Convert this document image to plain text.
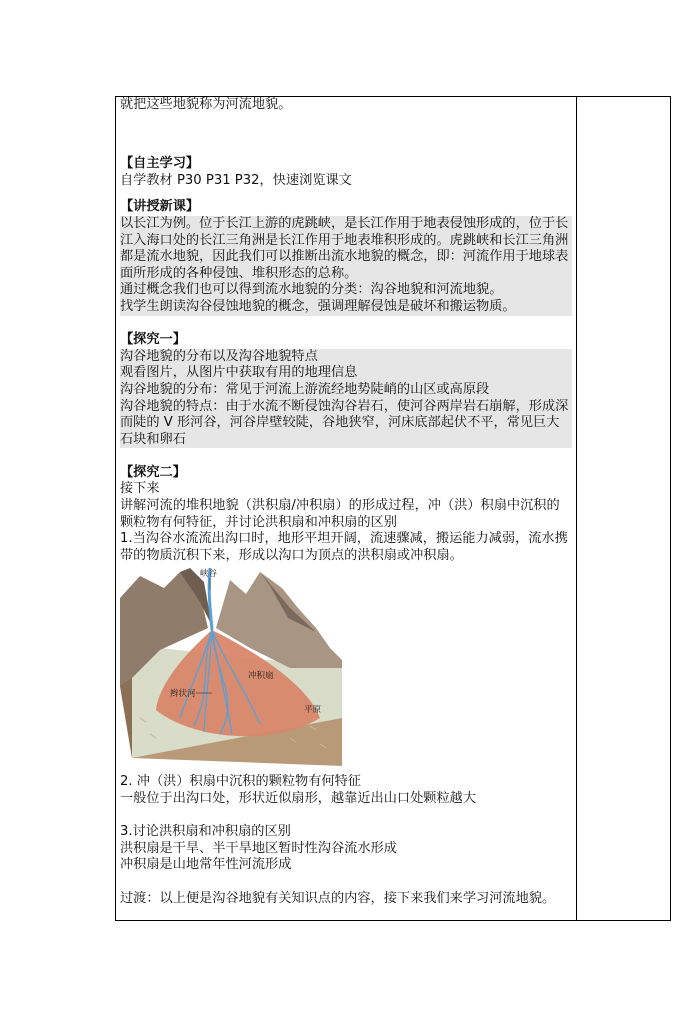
就把这些地貌称为河流地貌。

【自主学习】

自学教材 P30 P31 P32，快速浏览课文

【讲授新课】

以长江为例。位于长江上游的虎跳峡，是长江作用于地表侵蚀形成的，位于长江入海口处的长江三角洲是长江作用于地表堆积形成的。虎跳峡和长江三角洲都是流水地貌，因此我们可以推断出流水地貌的概念，即：河流作用于地球表面所形成的各种侵蚀、堆积形态的总称。

通过概念我们也可以得到流水地貌的分类：沟谷地貌和河流地貌。

找学生朗读沟谷侵蚀地貌的概念，强调理解侵蚀是破坏和搬运物质。

【探究一】

沟谷地貌的分布以及沟谷地貌特点

观看图片，从图片中获取有用的地理信息

沟谷地貌的分布：常见于河流上游流经地势陡峭的山区或高原段

沟谷地貌的特点：由于水流不断侵蚀沟谷岩石，使河谷两岸岩石崩解，形成深而陡的 V 形河谷，河谷岸壁较陡，谷地狭窄，河床底部起伏不平，常见巨大石块和卵石

【探究二】

接下来

讲解河流的堆积地貌（洪积扇/冲积扇）的形成过程，冲（洪）积扇中沉积的颗粒物有何特征，并讨论洪积扇和冲积扇的区别

1.当沟谷水流流出沟口时，地形平坦开阔，流速骤减，搬运能力减弱，流水携带的物质沉积下来，形成以沟口为顶点的洪积扇或冲积扇。

峡谷
冲积扇
辫状河
平原

2. 冲（洪）积扇中沉积的颗粒物有何特征

一般位于出沟口处，形状近似扇形，越靠近出山口处颗粒越大

3.讨论洪积扇和冲积扇的区别

洪积扇是干旱、半干旱地区暂时性沟谷流水形成

冲积扇是山地常年性河流形成

过渡：以上便是沟谷地貌有关知识点的内容，接下来我们来学习河流地貌。
